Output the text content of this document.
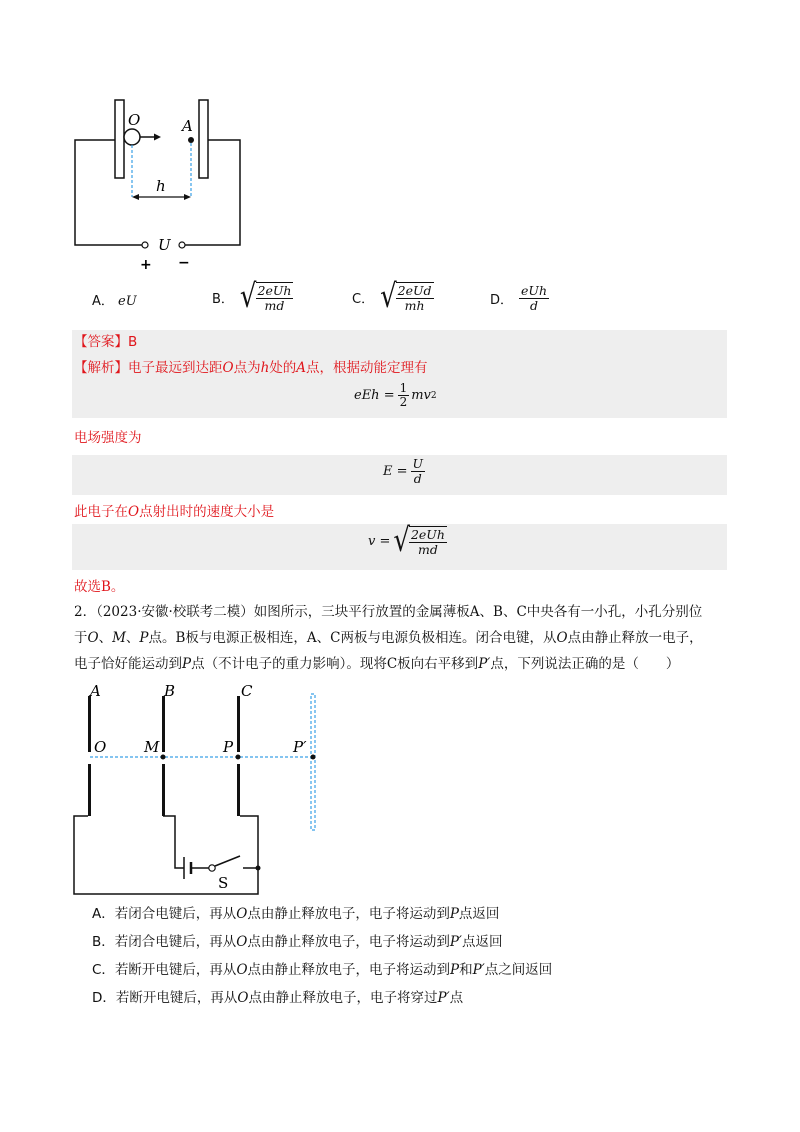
O	A
h
U
+ −
A． eU	B． √ $\frac{\text{2eUh}}{md}$	C． √ $\frac{\text{2eUd}}{mh}$	D． $\frac{\text{eUh}}{d}$
【答案】B
【解析】电子最远到达距O点为h处的A点，根据动能定理有
eEh = $\frac{1}{2}$ mv 2
电场强度为
$E = \frac{U}{d}$
此电子在O点射出时的速度大小是
v = √ $\frac{\text{2eUh}}{md}$
故选B。
2．（2023·安徽·校联考二模）如图所示，三块平行放置的金属薄板A、B、C中央各有一小孔，小孔分别位
于O、M、P点。B板与电源正极相连，A、C两板与电源负极相连。闭合电键，从O点由静止释放一电子，
电子恰好能运动到P点（不计电子的重力影响）。现将C板向右平移到P′点，下列说法正确的是（　　）
A	B	C
O	M	P	P′
S
A．若闭合电键后，再从O点由静止释放电子，电子将运动到P点返回
B．若闭合电键后，再从O点由静止释放电子，电子将运动到P′点返回
C．若断开电键后，再从O点由静止释放电子，电子将运动到P和P′点之间返回
D．若断开电键后，再从O点由静止释放电子，电子将穿过P′点
